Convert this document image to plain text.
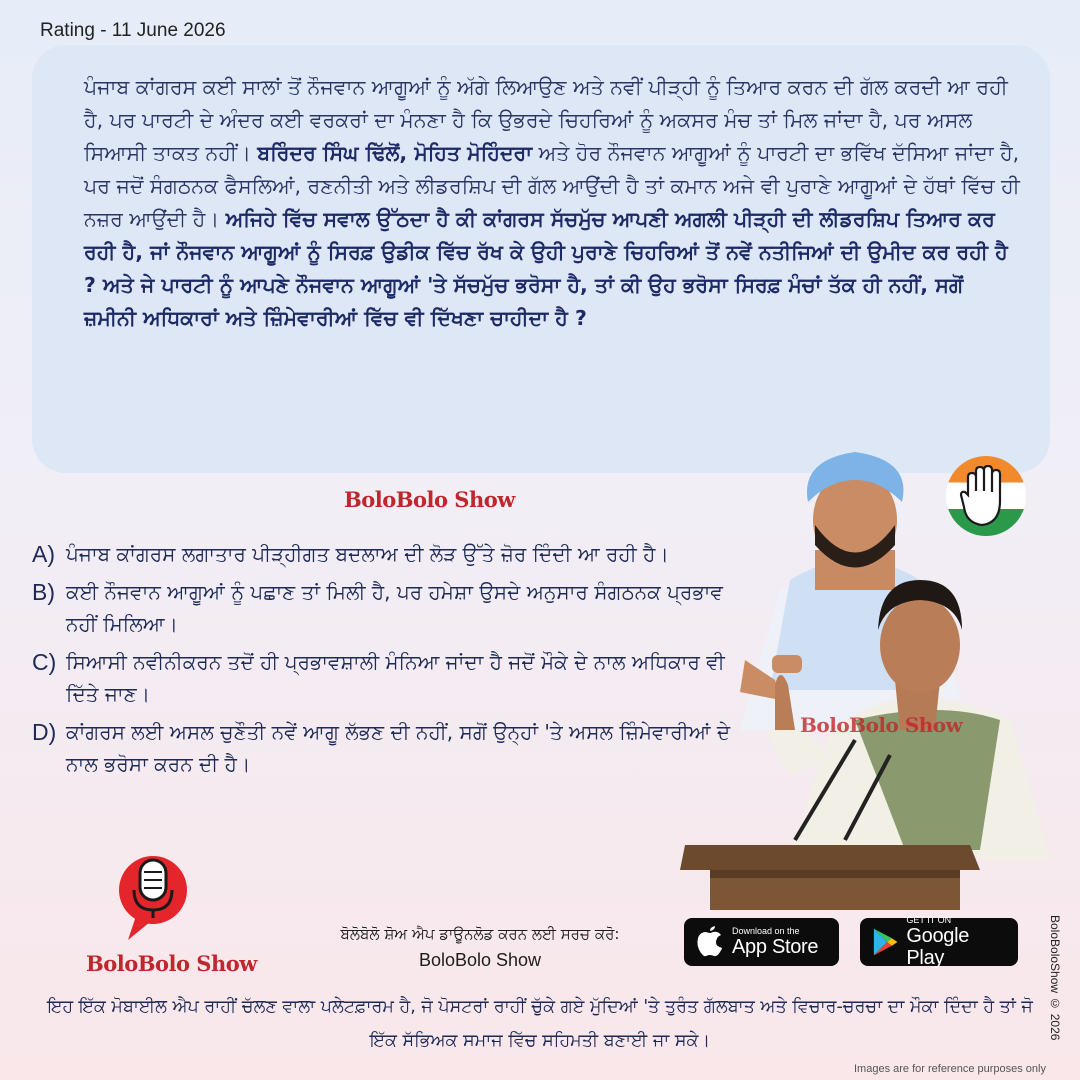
Rating - 11 June 2026

ਪੰਜਾਬ ਕਾਂਗਰਸ ਕਈ ਸਾਲਾਂ ਤੋਂ ਨੌਜਵਾਨ ਆਗੂਆਂ ਨੂੰ ਅੱਗੇ ਲਿਆਉਣ ਅਤੇ ਨਵੀਂ ਪੀੜ੍ਹੀ ਨੂੰ ਤਿਆਰ ਕਰਨ ਦੀ ਗੱਲ ਕਰਦੀ ਆ ਰਹੀ ਹੈ, ਪਰ ਪਾਰਟੀ ਦੇ ਅੰਦਰ ਕਈ ਵਰਕਰਾਂ ਦਾ ਮੰਨਣਾ ਹੈ ਕਿ ਉਭਰਦੇ ਚਿਹਰਿਆਂ ਨੂੰ ਅਕਸਰ ਮੰਚ ਤਾਂ ਮਿਲ ਜਾਂਦਾ ਹੈ, ਪਰ ਅਸਲ ਸਿਆਸੀ ਤਾਕਤ ਨਹੀਂ। ਬਰਿੰਦਰ ਸਿੰਘ ਢਿੱਲੋਂ, ਮੋਹਿਤ ਮੋਹਿੰਦਰਾ ਅਤੇ ਹੋਰ ਨੌਜਵਾਨ ਆਗੂਆਂ ਨੂੰ ਪਾਰਟੀ ਦਾ ਭਵਿੱਖ ਦੱਸਿਆ ਜਾਂਦਾ ਹੈ, ਪਰ ਜਦੋਂ ਸੰਗਠਨਕ ਫੈਸਲਿਆਂ, ਰਣਨੀਤੀ ਅਤੇ ਲੀਡਰਸ਼ਿਪ ਦੀ ਗੱਲ ਆਉਂਦੀ ਹੈ ਤਾਂ ਕਮਾਨ ਅਜੇ ਵੀ ਪੁਰਾਣੇ ਆਗੂਆਂ ਦੇ ਹੱਥਾਂ ਵਿੱਚ ਹੀ ਨਜ਼ਰ ਆਉਂਦੀ ਹੈ। ਅਜਿਹੇ ਵਿੱਚ ਸਵਾਲ ਉੱਠਦਾ ਹੈ ਕੀ ਕਾਂਗਰਸ ਸੱਚਮੁੱਚ ਆਪਣੀ ਅਗਲੀ ਪੀੜ੍ਹੀ ਦੀ ਲੀਡਰਸ਼ਿਪ ਤਿਆਰ ਕਰ ਰਹੀ ਹੈ, ਜਾਂ ਨੌਜਵਾਨ ਆਗੂਆਂ ਨੂੰ ਸਿਰਫ਼ ਉਡੀਕ ਵਿੱਚ ਰੱਖ ਕੇ ਉਹੀ ਪੁਰਾਣੇ ਚਿਹਰਿਆਂ ਤੋਂ ਨਵੇਂ ਨਤੀਜਿਆਂ ਦੀ ਉਮੀਦ ਕਰ ਰਹੀ ਹੈ ? ਅਤੇ ਜੇ ਪਾਰਟੀ ਨੂੰ ਆਪਣੇ ਨੌਜਵਾਨ ਆਗੂਆਂ 'ਤੇ ਸੱਚਮੁੱਚ ਭਰੋਸਾ ਹੈ, ਤਾਂ ਕੀ ਉਹ ਭਰੋਸਾ ਸਿਰਫ਼ ਮੰਚਾਂ ਤੱਕ ਹੀ ਨਹੀਂ, ਸਗੋਂ ਜ਼ਮੀਨੀ ਅਧਿਕਾਰਾਂ ਅਤੇ ਜ਼ਿੰਮੇਵਾਰੀਆਂ ਵਿੱਚ ਵੀ ਦਿੱਖਣਾ ਚਾਹੀਦਾ ਹੈ ?

BoloBolo Show
A) ਪੰਜਾਬ ਕਾਂਗਰਸ ਲਗਾਤਾਰ ਪੀੜ੍ਹੀਗਤ ਬਦਲਾਅ ਦੀ ਲੋੜ ਉੱਤੇ ਜ਼ੋਰ ਦਿੰਦੀ ਆ ਰਹੀ ਹੈ।
B) ਕਈ ਨੌਜਵਾਨ ਆਗੂਆਂ ਨੂੰ ਪਛਾਣ ਤਾਂ ਮਿਲੀ ਹੈ, ਪਰ ਹਮੇਸ਼ਾ ਉਸਦੇ ਅਨੁਸਾਰ ਸੰਗਠਨਕ ਪ੍ਰਭਾਵ ਨਹੀਂ ਮਿਲਿਆ।
C) ਸਿਆਸੀ ਨਵੀਨੀਕਰਨ ਤਦੋਂ ਹੀ ਪ੍ਰਭਾਵਸ਼ਾਲੀ ਮੰਨਿਆ ਜਾਂਦਾ ਹੈ ਜਦੋਂ ਮੌਕੇ ਦੇ ਨਾਲ ਅਧਿਕਾਰ ਵੀ ਦਿੱਤੇ ਜਾਣ।
D) ਕਾਂਗਰਸ ਲਈ ਅਸਲ ਚੁਣੌਤੀ ਨਵੇਂ ਆਗੂ ਲੱਭਣ ਦੀ ਨਹੀਂ, ਸਗੋਂ ਉਨ੍ਹਾਂ 'ਤੇ ਅਸਲ ਜ਼ਿੰਮੇਵਾਰੀਆਂ ਦੇ ਨਾਲ ਭਰੋਸਾ ਕਰਨ ਦੀ ਹੈ।
BoloBolo Show
BoloBolo Show
ਬੋਲੋਬੋਲੋ ਸ਼ੋਅ ਐਪ ਡਾਊਨਲੋਡ ਕਰਨ ਲਈ ਸਰਚ ਕਰੋ:
BoloBolo Show
Download on the
App Store
GET IT ON
Google Play
ਇਹ ਇੱਕ ਮੋਬਾਈਲ ਐਪ ਰਾਹੀਂ ਚੱਲਣ ਵਾਲਾ ਪਲੇਟਫ਼ਾਰਮ ਹੈ, ਜੋ ਪੋਸਟਰਾਂ ਰਾਹੀਂ ਚੁੱਕੇ ਗਏ ਮੁੱਦਿਆਂ 'ਤੇ ਤੁਰੰਤ ਗੱਲਬਾਤ ਅਤੇ ਵਿਚਾਰ-ਚਰਚਾ ਦਾ ਮੌਕਾ ਦਿੰਦਾ ਹੈ ਤਾਂ ਜੋ ਇੱਕ ਸੱਭਿਅਕ ਸਮਾਜ ਵਿੱਚ ਸਹਿਮਤੀ ਬਣਾਈ ਜਾ ਸਕੇ।
BoloBoloShow © 2026
Images are for reference purposes only
